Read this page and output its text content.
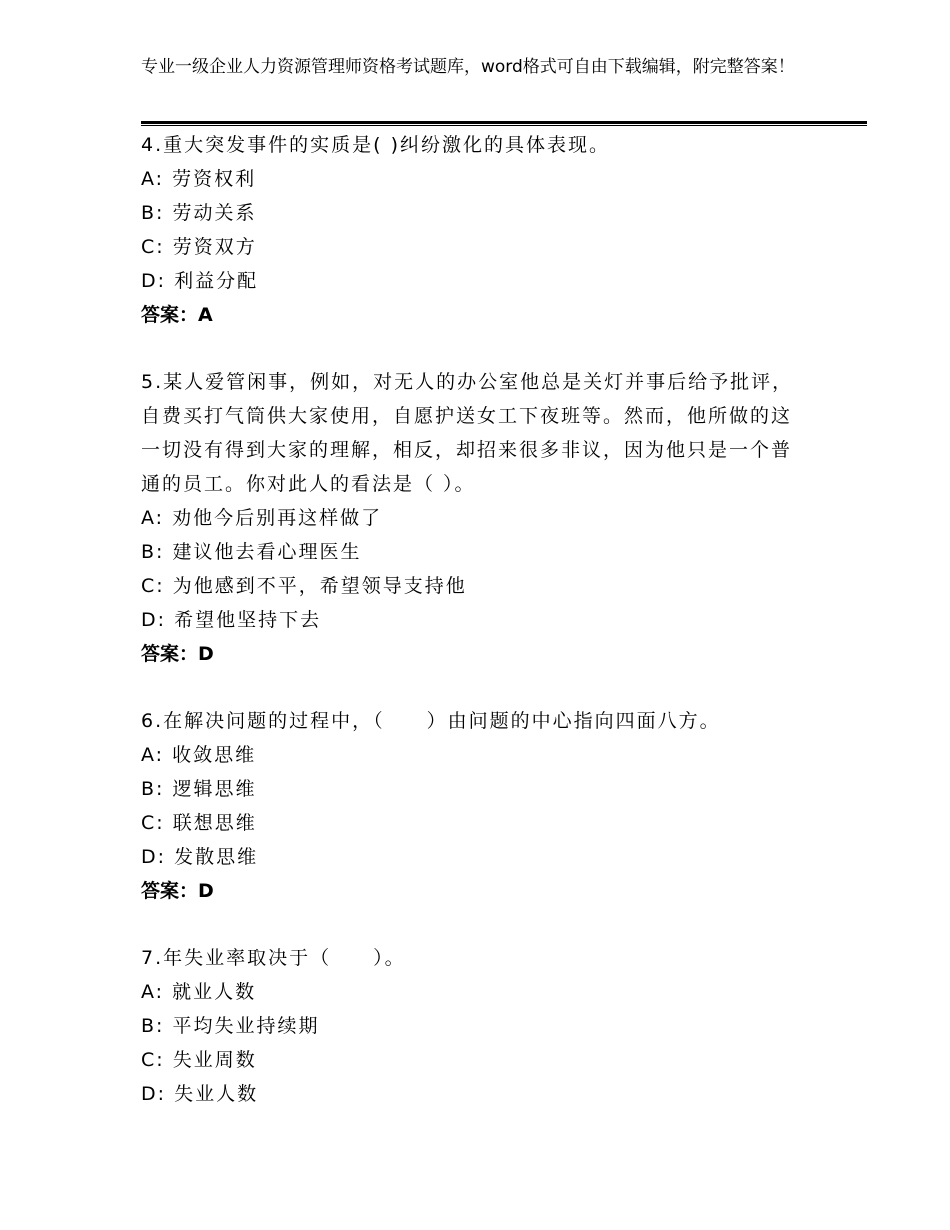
专业一级企业人力资源管理师资格考试题库，word格式可自由下载编辑，附完整答案！
4.重大突发事件的实质是( )纠纷激化的具体表现。
A: 劳资权利
B: 劳动关系
C: 劳资双方
D: 利益分配
答案：A
5.某人爱管闲事，例如，对无人的办公室他总是关灯并事后给予批评，自费买打气筒供大家使用，自愿护送女工下夜班等。然而，他所做的这一切没有得到大家的理解，相反，却招来很多非议，因为他只是一个普通的员工。你对此人的看法是（ ）。
A: 劝他今后别再这样做了
B: 建议他去看心理医生
C: 为他感到不平，希望领导支持他
D: 希望他坚持下去
答案：D
6.在解决问题的过程中，（　　）由问题的中心指向四面八方。
A: 收敛思维
B: 逻辑思维
C: 联想思维
D: 发散思维
答案：D
7.年失业率取决于（　　）。
A: 就业人数
B: 平均失业持续期
C: 失业周数
D: 失业人数
